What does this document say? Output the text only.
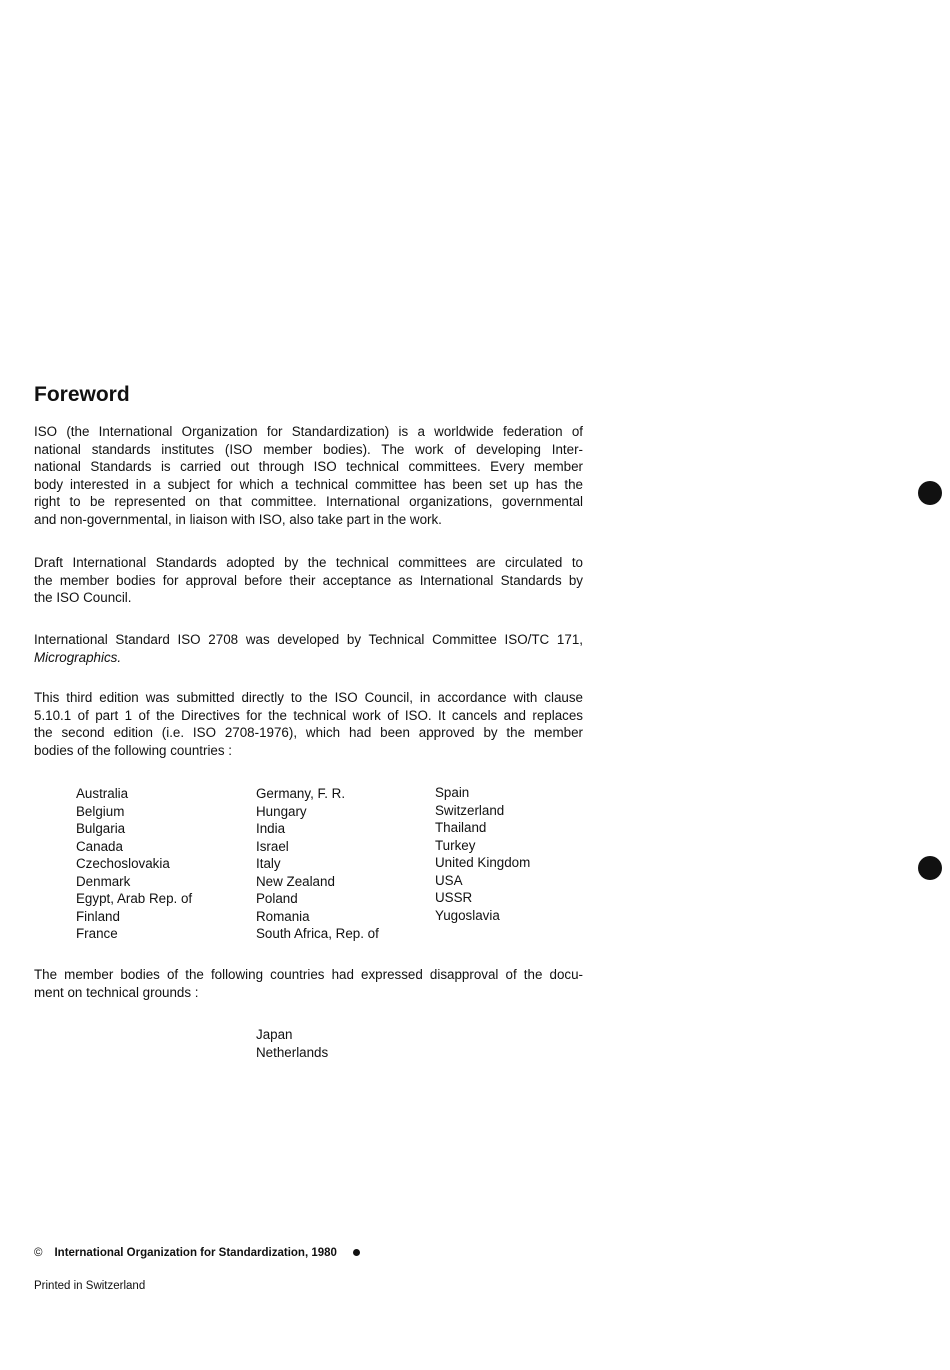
Foreword
ISO (the International Organization for Standardization) is a worldwide federation of
national standards institutes (ISO member bodies). The work of developing Inter-
national Standards is carried out through ISO technical committees. Every member
body interested in a subject for which a technical committee has been set up has the
right to be represented on that committee. International organizations, governmental
and non-governmental, in liaison with ISO, also take part in the work.
Draft International Standards adopted by the technical committees are circulated to
the member bodies for approval before their acceptance as International Standards by
the ISO Council.
International Standard ISO 2708 was developed by Technical Committee ISO/TC 171,
Micrographics.
This third edition was submitted directly to the ISO Council, in accordance with clause
5.10.1 of part 1 of the Directives for the technical work of ISO. It cancels and replaces
the second edition (i.e. ISO 2708-1976), which had been approved by the member
bodies of the following countries :
Australia
Belgium
Bulgaria
Canada
Czechoslovakia
Denmark
Egypt, Arab Rep. of
Finland
France
Germany, F. R.
Hungary
India
Israel
Italy
New Zealand
Poland
Romania
South Africa, Rep. of
Spain
Switzerland
Thailand
Turkey
United Kingdom
USA
USSR
Yugoslavia
The member bodies of the following countries had expressed disapproval of the docu-
ment on technical grounds :
Japan
Netherlands
© International Organization for Standardization, 1980
Printed in Switzerland
